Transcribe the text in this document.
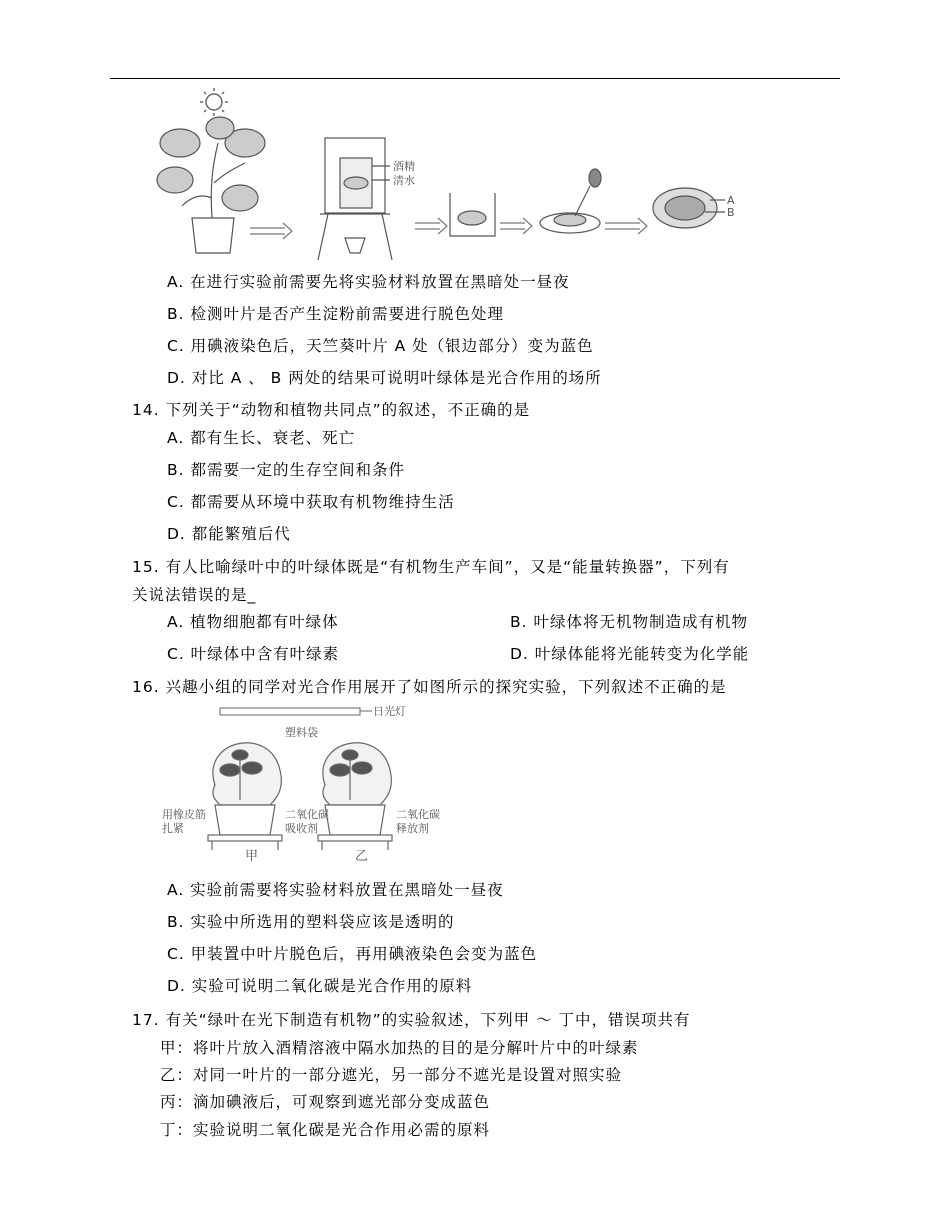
酒精
清水
A
B
A. 在进行实验前需要先将实验材料放置在黑暗处一昼夜
B. 检测叶片是否产生淀粉前需要进行脱色处理
C. 用碘液染色后，天竺葵叶片 A 处（银边部分）变为蓝色
D. 对比 A 、 B 两处的结果可说明叶绿体是光合作用的场所
14. 下列关于“动物和植物共同点”的叙述，不正确的是
A. 都有生长、衰老、死亡
B. 都需要一定的生存空间和条件
C. 都需要从环境中获取有机物维持生活
D. 都能繁殖后代
15. 有人比喻绿叶中的叶绿体既是“有机物生产车间”，又是“能量转换器”，下列有
关说法错误的是_
A. 植物细胞都有叶绿体	B. 叶绿体将无机物制造成有机物
C. 叶绿体中含有叶绿素	D. 叶绿体能将光能转变为化学能
16. 兴趣小组的同学对光合作用展开了如图所示的探究实验，下列叙述不正确的是
日光灯
塑料袋
用橡皮筋
扎紧
二氧化碳
吸收剂
二氧化碳
释放剂
甲	乙
A. 实验前需要将实验材料放置在黑暗处一昼夜
B. 实验中所选用的塑料袋应该是透明的
C. 甲装置中叶片脱色后，再用碘液染色会变为蓝色
D. 实验可说明二氧化碳是光合作用的原料
17. 有关“绿叶在光下制造有机物”的实验叙述，下列甲 ～ 丁中，错误项共有
甲：将叶片放入酒精溶液中隔水加热的目的是分解叶片中的叶绿素
乙：对同一叶片的一部分遮光，另一部分不遮光是设置对照实验
丙：滴加碘液后，可观察到遮光部分变成蓝色
丁：实验说明二氧化碳是光合作用必需的原料
